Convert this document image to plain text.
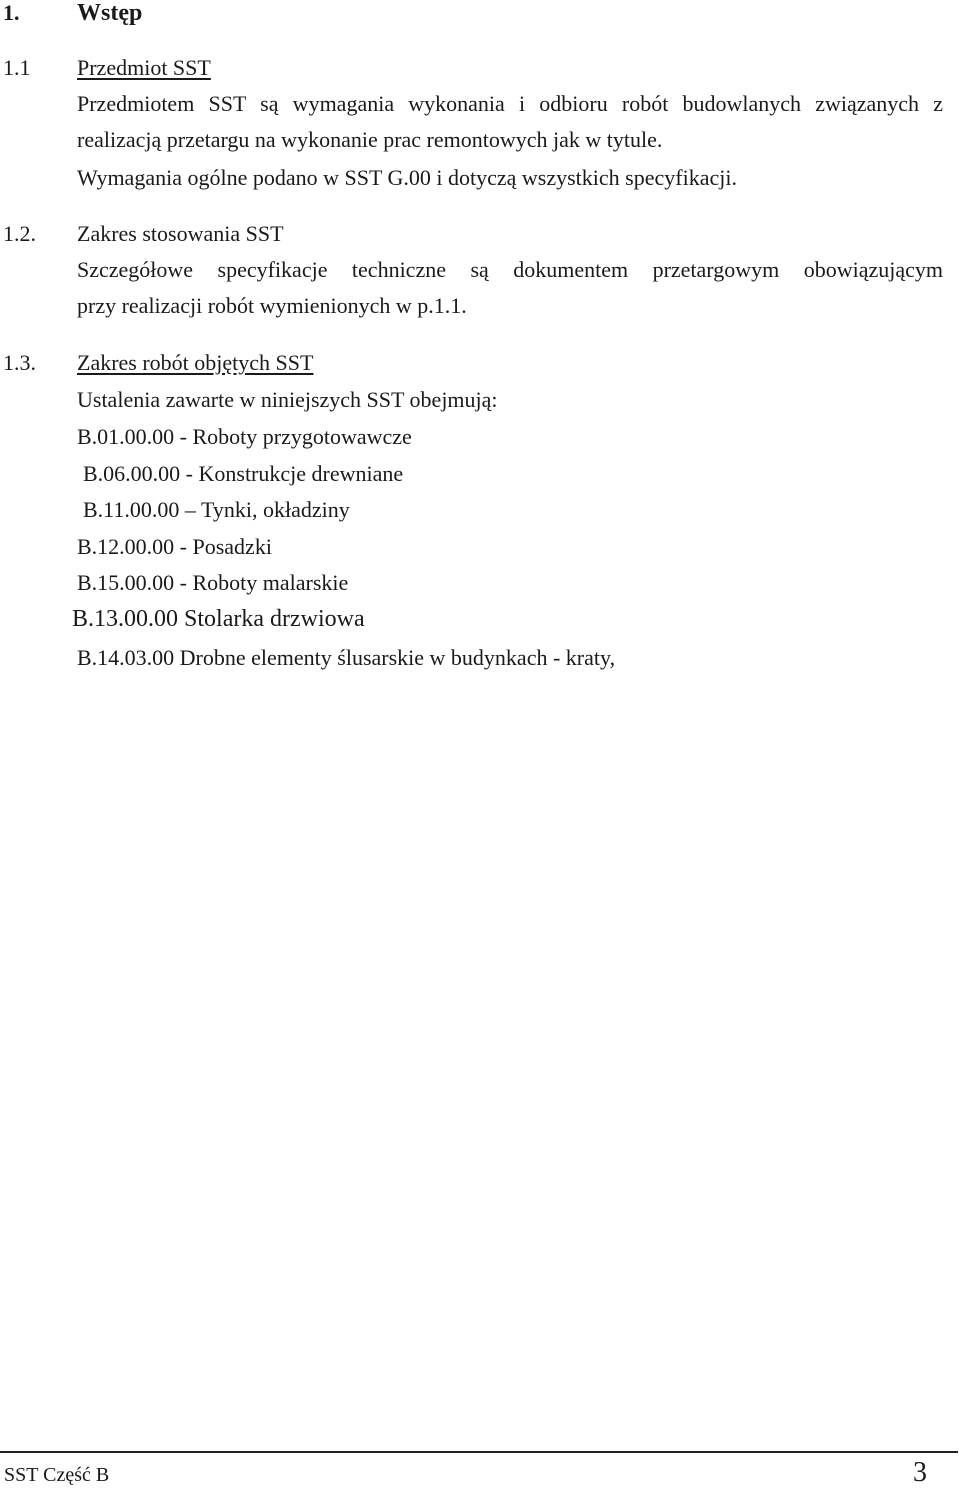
1. Wstęp
1.1 Przedmiot SST
Przedmiotem SST są wymagania wykonania i odbioru robót budowlanych związanych z
realizacją przetargu na wykonanie prac remontowych jak w tytule.
Wymagania ogólne podano w SST G.00 i dotyczą wszystkich specyfikacji.
1.2. Zakres stosowania SST
Szczegółowe specyfikacje techniczne są dokumentem przetargowym obowiązującym
przy realizacji robót wymienionych w p.1.1.
1.3. Zakres robót objętych SST
Ustalenia zawarte w niniejszych SST obejmują:
B.01.00.00 - Roboty przygotowawcze
B.06.00.00 - Konstrukcje drewniane
B.11.00.00 – Tynki, okładziny
B.12.00.00 - Posadzki
B.15.00.00 - Roboty malarskie
B.13.00.00 Stolarka drzwiowa
B.14.03.00 Drobne elementy ślusarskie w budynkach - kraty,
SST Część B	3
